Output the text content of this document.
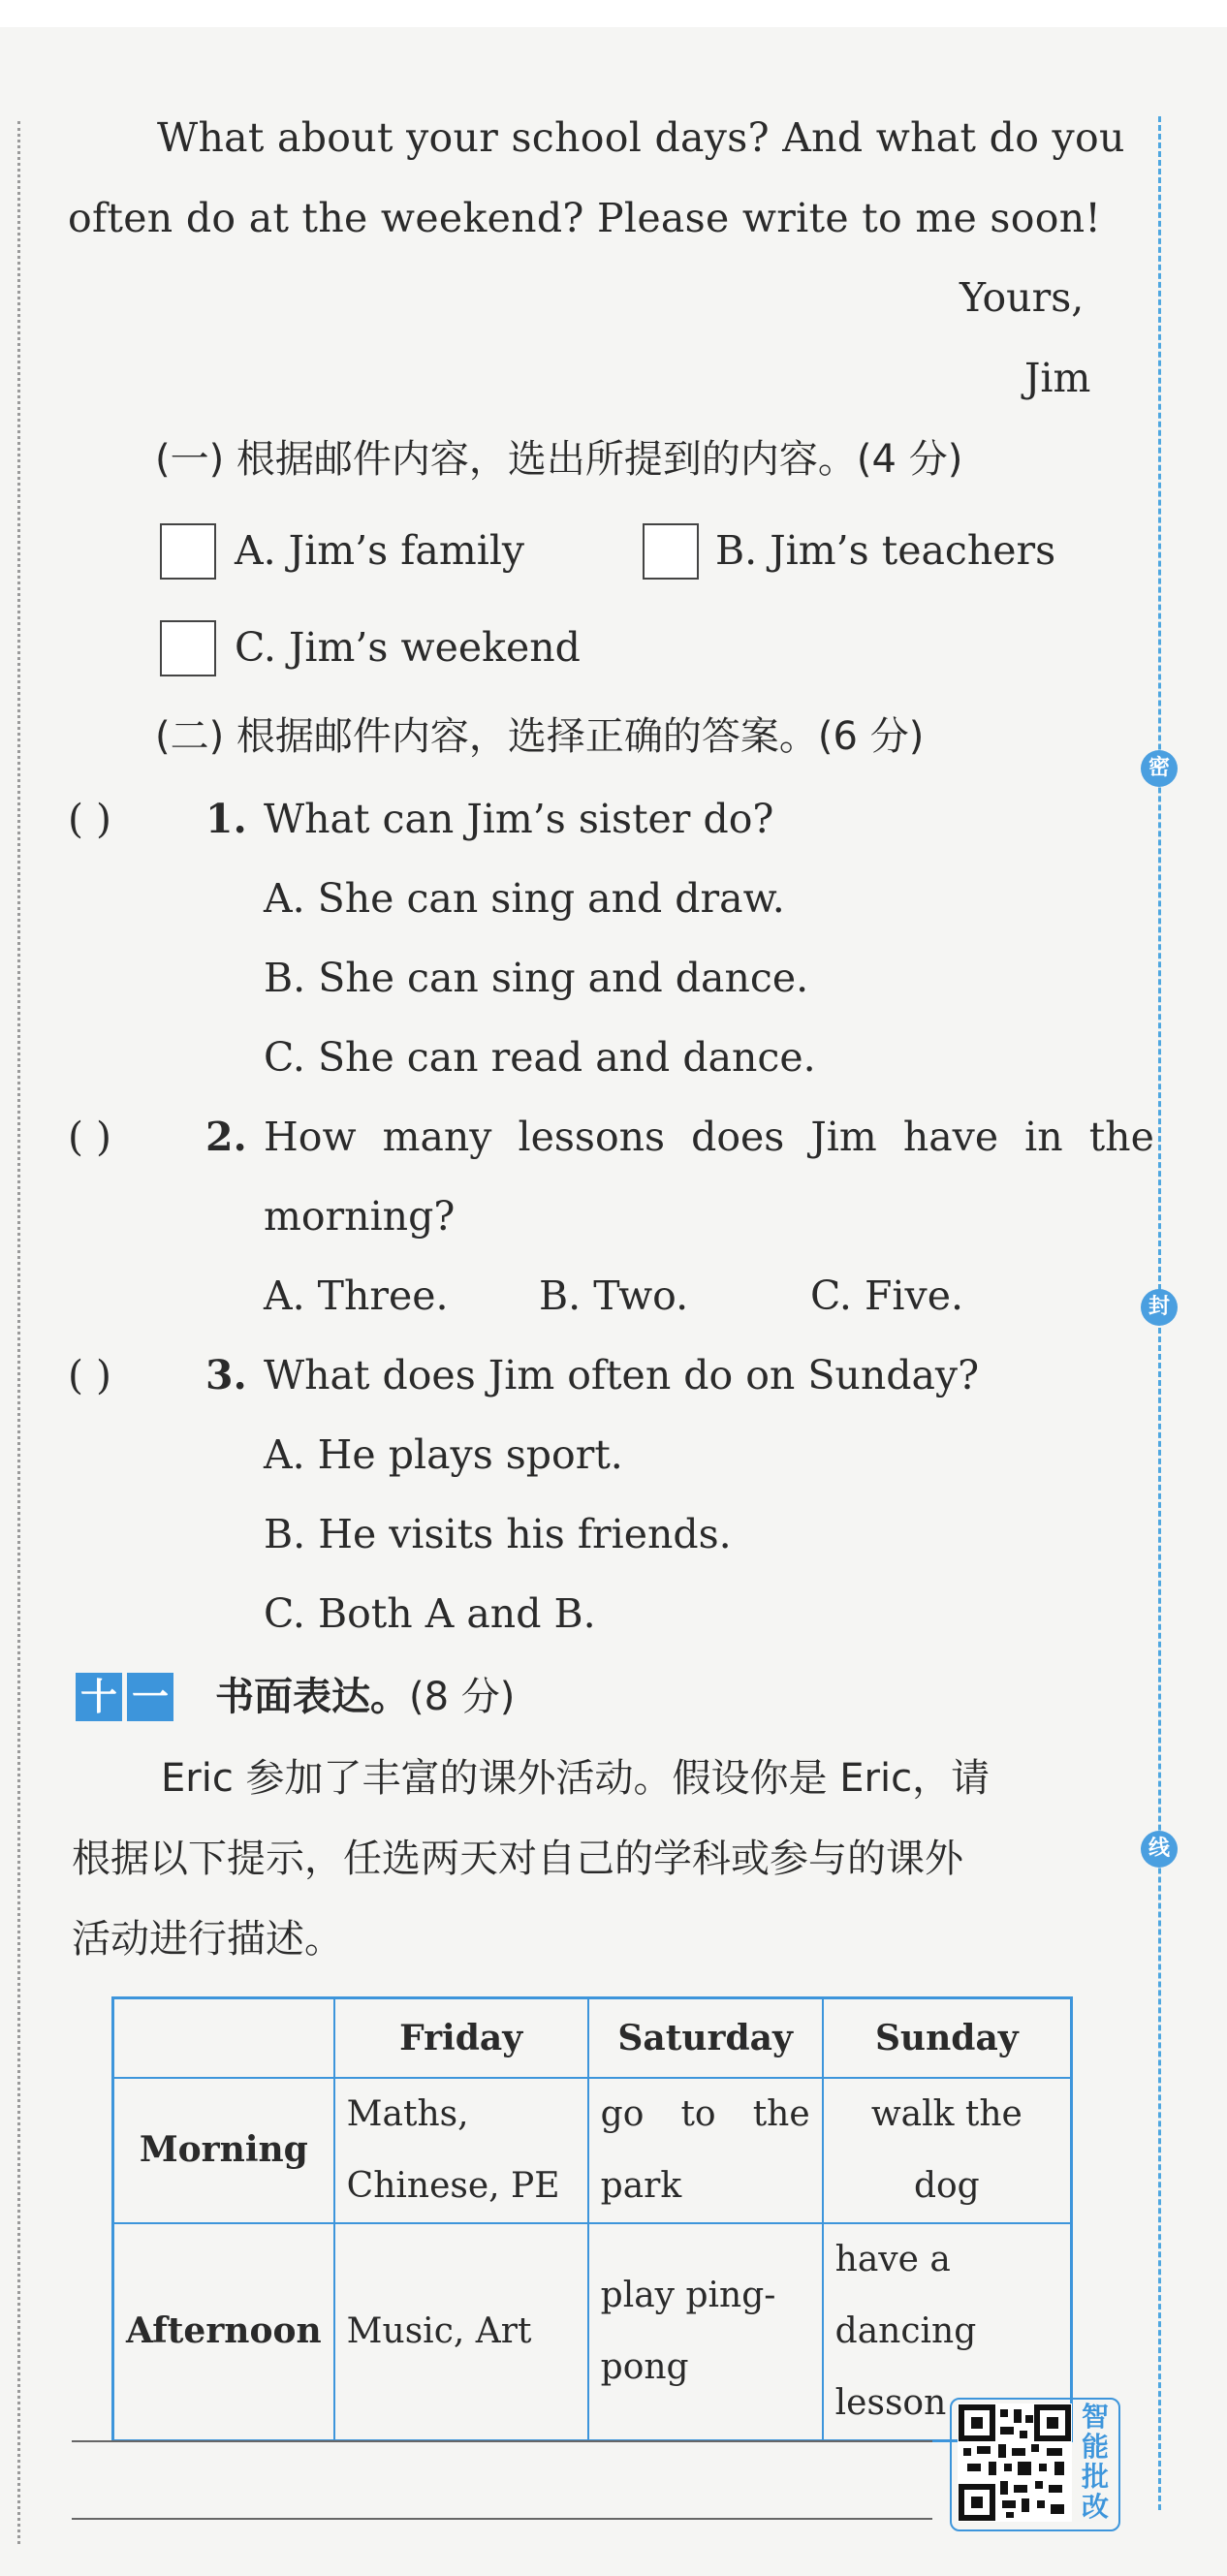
密
封
线
What about your school days? And what do you
often do at the weekend? Please write to me soon!
Yours,
Jim
(一) 根据邮件内容，选出所提到的内容。(4 分)
A. Jim’s family	B. Jim’s teachers
C. Jim’s weekend
(二) 根据邮件内容，选择正确的答案。(6 分)
( ) 1. What can Jim’s sister do?
A. She can sing and draw.
B. She can sing and dance.
C. She can read and dance.
( ) 2. How many lessons does Jim have in the
morning?
A. Three. B. Two.	C. Five.
( ) 3. What does Jim often do on Sunday?
A. He plays sport.
B. He visits his friends.
C. Both A and B.
十 一 书面表达。 (8 分)
Eric 参加了丰富的课外活动。假设你是 Eric，请
根据以下提示，任选两天对自己的学科或参与的课外
活动进行描述。
	Friday	Saturday	Sunday
Morning	Maths, Chinese, PE	go to the park	walk the dog
Afternoon	Music, Art	play ping-pong	have a dancing lesson	智能批改
